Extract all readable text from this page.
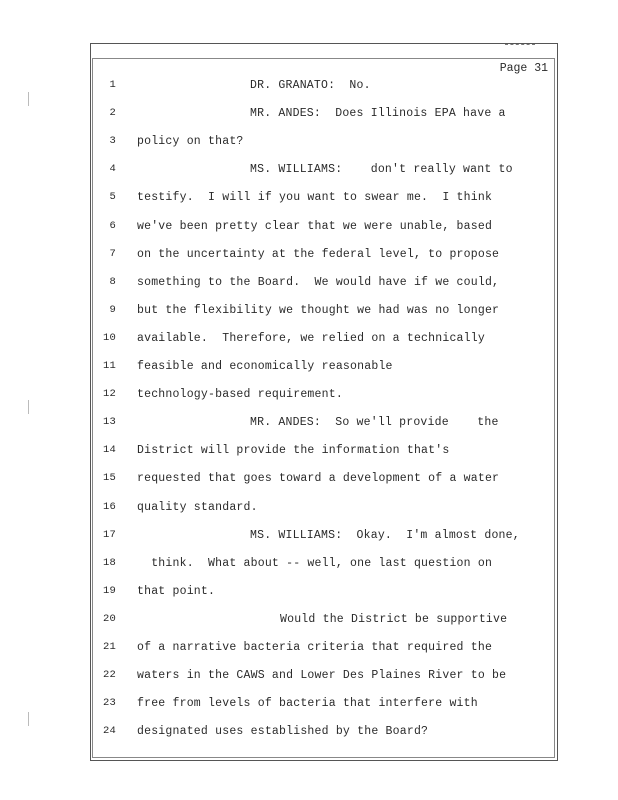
Page 31
1	DR. GRANATO:  No.
2	MR. ANDES:  Does Illinois EPA have a
3 policy on that?
4	MS. WILLIAMS:    don't really want to
5 testify.  I will if you want to swear me.  I think
6 we've been pretty clear that we were unable, based
7 on the uncertainty at the federal level, to propose
8 something to the Board.  We would have if we could,
9 but the flexibility we thought we had was no longer
10 available.  Therefore, we relied on a technically
11 feasible and economically reasonable
12 technology-based requirement.
13	MR. ANDES:  So we'll provide    the
14 District will provide the information that's
15 requested that goes toward a development of a water
16 quality standard.
17	MS. WILLIAMS:  Okay.  I'm almost done,
18 think.  What about -- well, one last question on
19 that point.
20	Would the District be supportive
21 of a narrative bacteria criteria that required the
22 waters in the CAWS and Lower Des Plaines River to be
23 free from levels of bacteria that interfere with
24 designated uses established by the Board?
